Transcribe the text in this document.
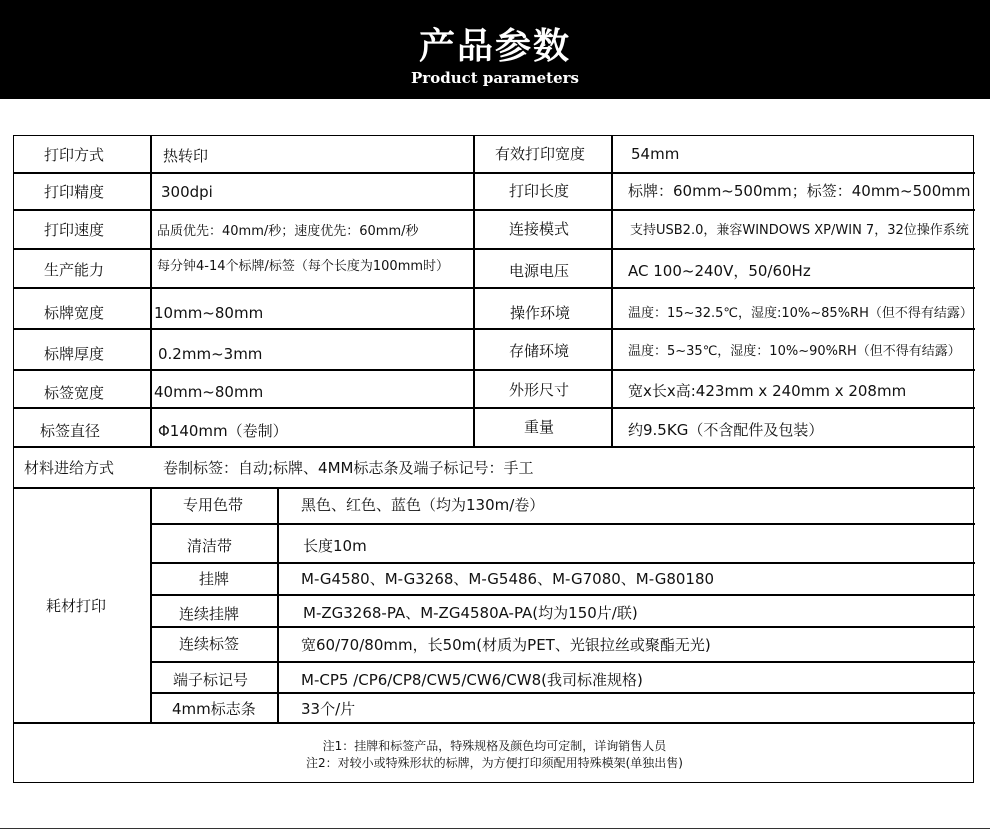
产品参数
Product parameters
打印方式	热转印	有效打印宽度	54mm
打印精度	300dpi	打印长度	标牌：60mm~500mm；标签：40mm~500mm
打印速度	品质优先：40mm/秒；速度优先：60mm/秒	连接模式	支持USB2.0，兼容WINDOWS XP/WIN 7，32位操作系统
生产能力	每分钟4-14个标牌/标签（每个长度为100mm时）	电源电压	AC 100~240V，50/60Hz
标牌宽度	10mm~80mm	操作环境	温度：15~32.5℃，湿度:10%~85%RH（但不得有结露）
标牌厚度	0.2mm~3mm	存储环境	温度：5~35℃，湿度：10%~90%RH（但不得有结露）
标签宽度	40mm~80mm	外形尺寸	宽x长x高:423mm x 240mm x 208mm
标签直径	Φ140mm（卷制）	重量	约9.5KG（不含配件及包装）
材料进给方式	卷制标签：自动;标牌、4MM标志条及端子标记号：手工
耗材打印
专用色带	黑色、红色、蓝色（均为130m/卷）
清洁带	长度10m
挂牌	M-G4580、M-G3268、M-G5486、M-G7080、M-G80180
连续挂牌	M-ZG3268-PA、M-ZG4580A-PA(均为150片/联)
连续标签	宽60/70/80mm，长50m(材质为PET、光银拉丝或聚酯无光)
端子标记号	M-CP5 /CP6/CP8/CW5/CW6/CW8(我司标准规格)
4mm标志条	33个/片
注1：挂牌和标签产品，特殊规格及颜色均可定制，详询销售人员
注2：对较小或特殊形状的标牌，为方便打印须配用特殊模架(单独出售)
